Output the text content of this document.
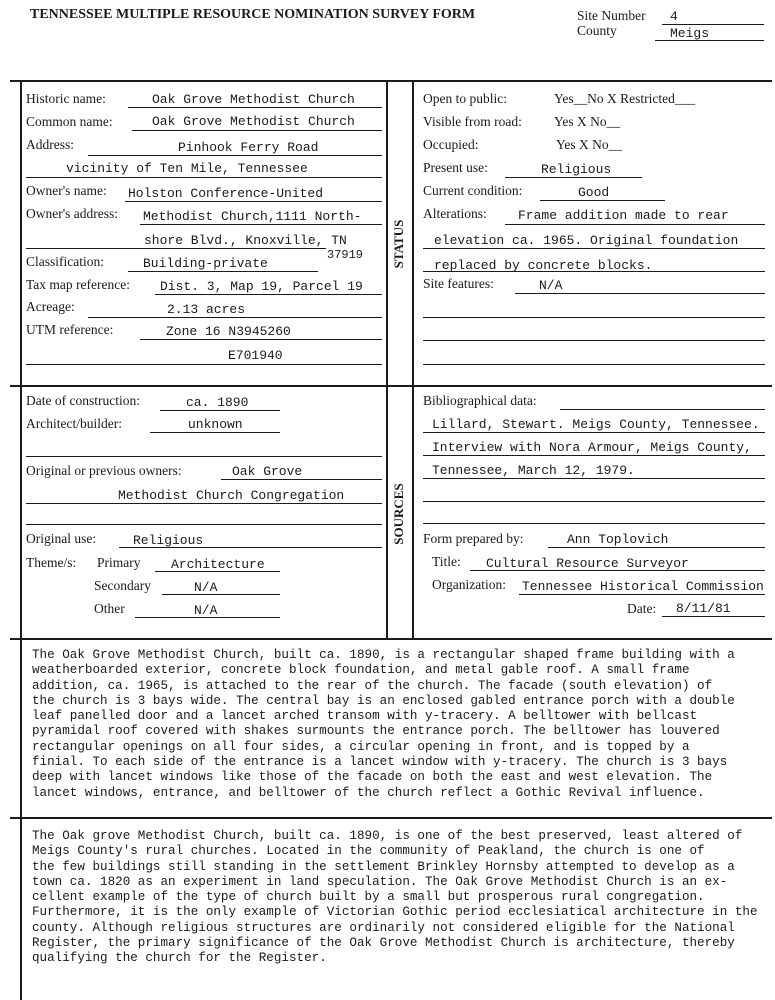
TENNESSEE MULTIPLE RESOURCE NOMINATION SURVEY FORM	Site Number 4
County	Meigs
STATUS
SOURCES
Historic name:	Oak Grove Methodist Church
Common name:	Oak Grove Methodist Church
Address:	Pinhook Ferry Road
vicinity of Ten Mile, Tennessee
Owner's name: Holston Conference-United
Owner's address: Methodist Church,1111 North-
shore Blvd., Knoxville, TN
37919
Classification:	Building-private
Tax map reference: Dist. 3, Map 19, Parcel 19
Acreage:	2.13 acres
UTM reference:	Zone 16 N3945260
E701940
Open to public:	Yes__No X Restricted___
Visible from road: Yes X No__
Occupied:	Yes X No__
Present use:	Religious
Current condition:	Good
Alterations: Frame addition made to rear
elevation ca. 1965. Original foundation
replaced by concrete blocks.
Site features:	N/A
Date of construction:	ca. 1890
Architect/builder:	unknown
Original or previous owners:	Oak Grove
Methodist Church Congregation
Original use:	Religious
Theme/s: Primary Architecture
Secondary	N/A
Other	N/A
Bibliographical data:
Lillard, Stewart. Meigs County, Tennessee.
Interview with Nora Armour, Meigs County,
Tennessee, March 12, 1979.
Form prepared by:	Ann Toplovich
Title: Cultural Resource Surveyor
Organization: Tennessee Historical Commission
Date: 8/11/81
The Oak Grove Methodist Church, built ca. 1890, is a rectangular shaped frame building with a
weatherboarded exterior, concrete block foundation, and metal gable roof. A small frame
addition, ca. 1965, is attached to the rear of the church. The facade (south elevation) of
the church is 3 bays wide. The central bay is an enclosed gabled entrance porch with a double
leaf panelled door and a lancet arched transom with y-tracery. A belltower with bellcast
pyramidal roof covered with shakes surmounts the entrance porch. The belltower has louvered
rectangular openings on all four sides, a circular opening in front, and is topped by a
finial. To each side of the entrance is a lancet window with y-tracery. The church is 3 bays
deep with lancet windows like those of the facade on both the east and west elevation. The
lancet windows, entrance, and belltower of the church reflect a Gothic Revival influence.
The Oak grove Methodist Church, built ca. 1890, is one of the best preserved, least altered of
Meigs County's rural churches. Located in the community of Peakland, the church is one of
the few buildings still standing in the settlement Brinkley Hornsby attempted to develop as a
town ca. 1820 as an experiment in land speculation. The Oak Grove Methodist Church is an ex-
cellent example of the type of church built by a small but prosperous rural congregation.
Furthermore, it is the only example of Victorian Gothic period ecclesiatical architecture in the
county. Although religious structures are ordinarily not considered eligible for the National
Register, the primary significance of the Oak Grove Methodist Church is architecture, thereby
qualifying the church for the Register.
